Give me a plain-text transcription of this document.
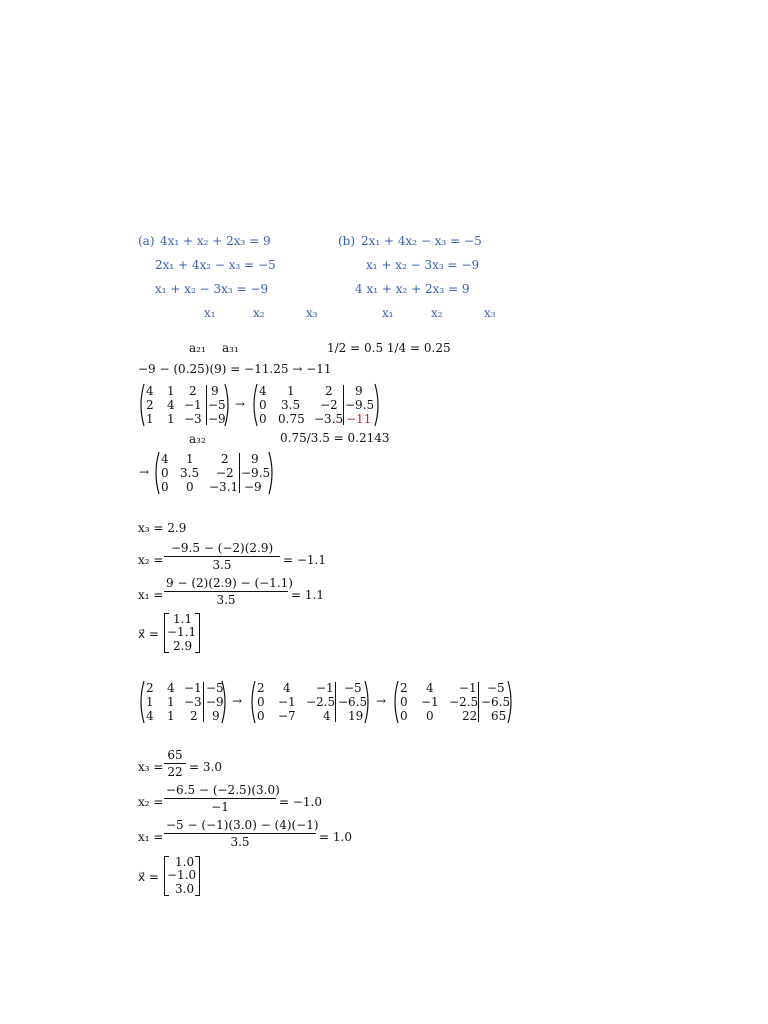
(a) 4x₁ + x₂ + 2x₃ = 9
2x₁ + 4x₂ − x₃ = −5
x₁ + x₂ − 3x₃ = −9
x₁	x₂	x₃
(b) 2x₁ + 4x₂ − x₃ = −5
x₁ + x₂ − 3x₃ = −9
4 x₁ + x₂ + 2x₃ = 9
x₁	x₂	x₃
a₂₁ a₃₁	1/2 = 0.5 1/4 = 0.25
−9 − (0.25)(9) = −11.25 → −11
4 1 2 9
2 4 −1 −5
1 1 −3 −9
→
4 1	2 9
0 3.5 −2 −9.5
0 0.75 −3.5 −11
a₃₂	0.75/3.5 = 0.2143
→
4 1 2 9
0 3.5 −2 −9.5
0 0 −3.1 −9
x₃ = 2.9
$x_2 = \frac{-9.5 - (-2)(2.9)}{3.5} = -1.1$
$x_1 = \frac{9 - (2)(2.9) - (-1.1)}{3.5} = 1.1$
x⃗ =
1.1
−1.1
2.9
2 4 −1 −5
1 1 −3 −9
4 1 2 9
→
2 4 −1 −5
0 −1 −2.5 −6.5
0 −7 4 19
→
2 4 −1 −5
0 −1 −2.5 −6.5
0 0 22 65
$x_3 = \frac{65}{22} = 3.0$
$x_2 = \frac{-6.5 - (-2.5)(3.0)}{-1} = -1.0$
$x_1 = \frac{-5 - (-1)(3.0) - (4)(-1)}{3.5} = 1.0$
x⃗ =
1.0
−1.0
3.0
